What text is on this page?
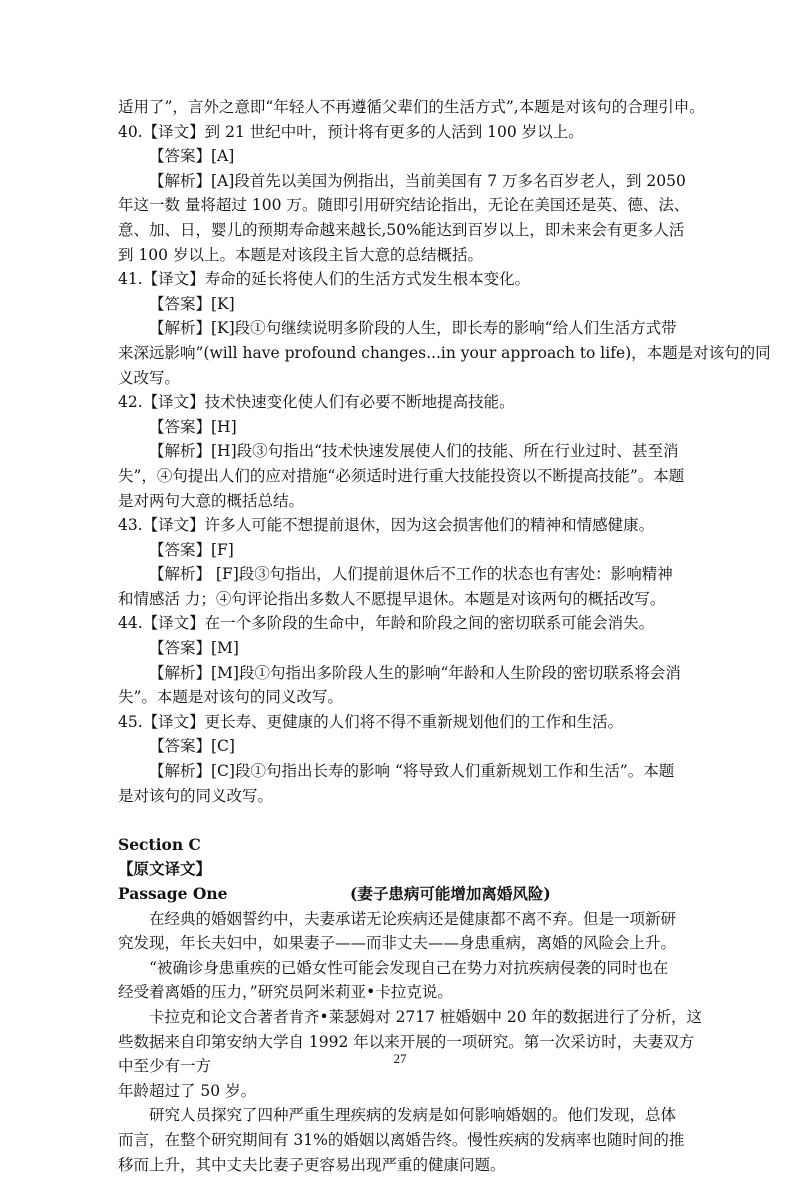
适用了”，言外之意即“年轻人不再遵循父辈们的生活方式”,本题是对该句的合理引申。
40.【译文】到 21 世纪中叶，预计将有更多的人活到 100 岁以上。
【答案】[A]
【解析】[A]段首先以美国为例指出，当前美国有 7 万多名百岁老人，到 2050
年这一数 量将超过 100 万。随即引用研究结论指出，无论在美国还是英、德、法、
意、加、日，婴儿的预期寿命越来越长,50%能达到百岁以上，即未来会有更多人活
到 100 岁以上。本题是对该段主旨大意的总结概括。
41.【译文】寿命的延长将使人们的生活方式发生根本变化。
【答案】[K]
【解析】[K]段①句继续说明多阶段的人生，即长寿的影响“给人们生活方式带
来深远影响”(will have profound changes...in your approach to life)，本题是对该句的同
义改写。
42.【译文】技术快速变化使人们有必要不断地提高技能。
【答案】[H]
【解析】[H]段③句指出“技术快速发展使人们的技能、所在行业过时、甚至消
失”，④句提出人们的应对措施“必须适时进行重大技能投资以不断提高技能”。本题
是对两句大意的概括总结。
43.【译文】许多人可能不想提前退休，因为这会损害他们的精神和情感健康。
【答案】[F]
【解析】 [F]段③句指出，人们提前退休后不工作的状态也有害处：影响精神
和情感活 力；④句评论指出多数人不愿提早退休。本题是对该两句的概括改写。
44.【译文】在一个多阶段的生命中，年龄和阶段之间的密切联系可能会消失。
【答案】[M]
【解析】[M]段①句指出多阶段人生的影响“年龄和人生阶段的密切联系将会消
失”。本题是对该句的同义改写。
45.【译文】更长寿、更健康的人们将不得不重新规划他们的工作和生活。
【答案】[C]
【解析】[C]段①句指出长寿的影响 “将导致人们重新规划工作和生活”。本题
是对该句的同义改写。
Section C
【原文译文】
Passage One	(妻子患病可能增加离婚风险)
在经典的婚姻誓约中，夫妻承诺无论疾病还是健康都不离不弃。但是一项新研
究发现，年长夫妇中，如果妻子——而非丈夫——身患重病，离婚的风险会上升。
“被确诊身患重疾的已婚女性可能会发现自己在势力对抗疾病侵袭的同时也在
经受着离婚的压力，”研究员阿米莉亚•卡拉克说。
卡拉克和论文合著者肯齐•莱瑟姆对 2717 桩婚姻中 20 年的数据进行了分析，这
些数据来自印第安纳大学自 1992 年以来开展的一项研究。第一次采访时，夫妻双方
中至少有一方
年龄超过了 50 岁。
研究人员探究了四种严重生理疾病的发病是如何影响婚姻的。他们发现，总体
而言，在整个研究期间有 31%的婚姻以离婚告终。慢性疾病的发病率也随时间的推
移而上升，其中丈夫比妻子更容易出现严重的健康问题。
27
